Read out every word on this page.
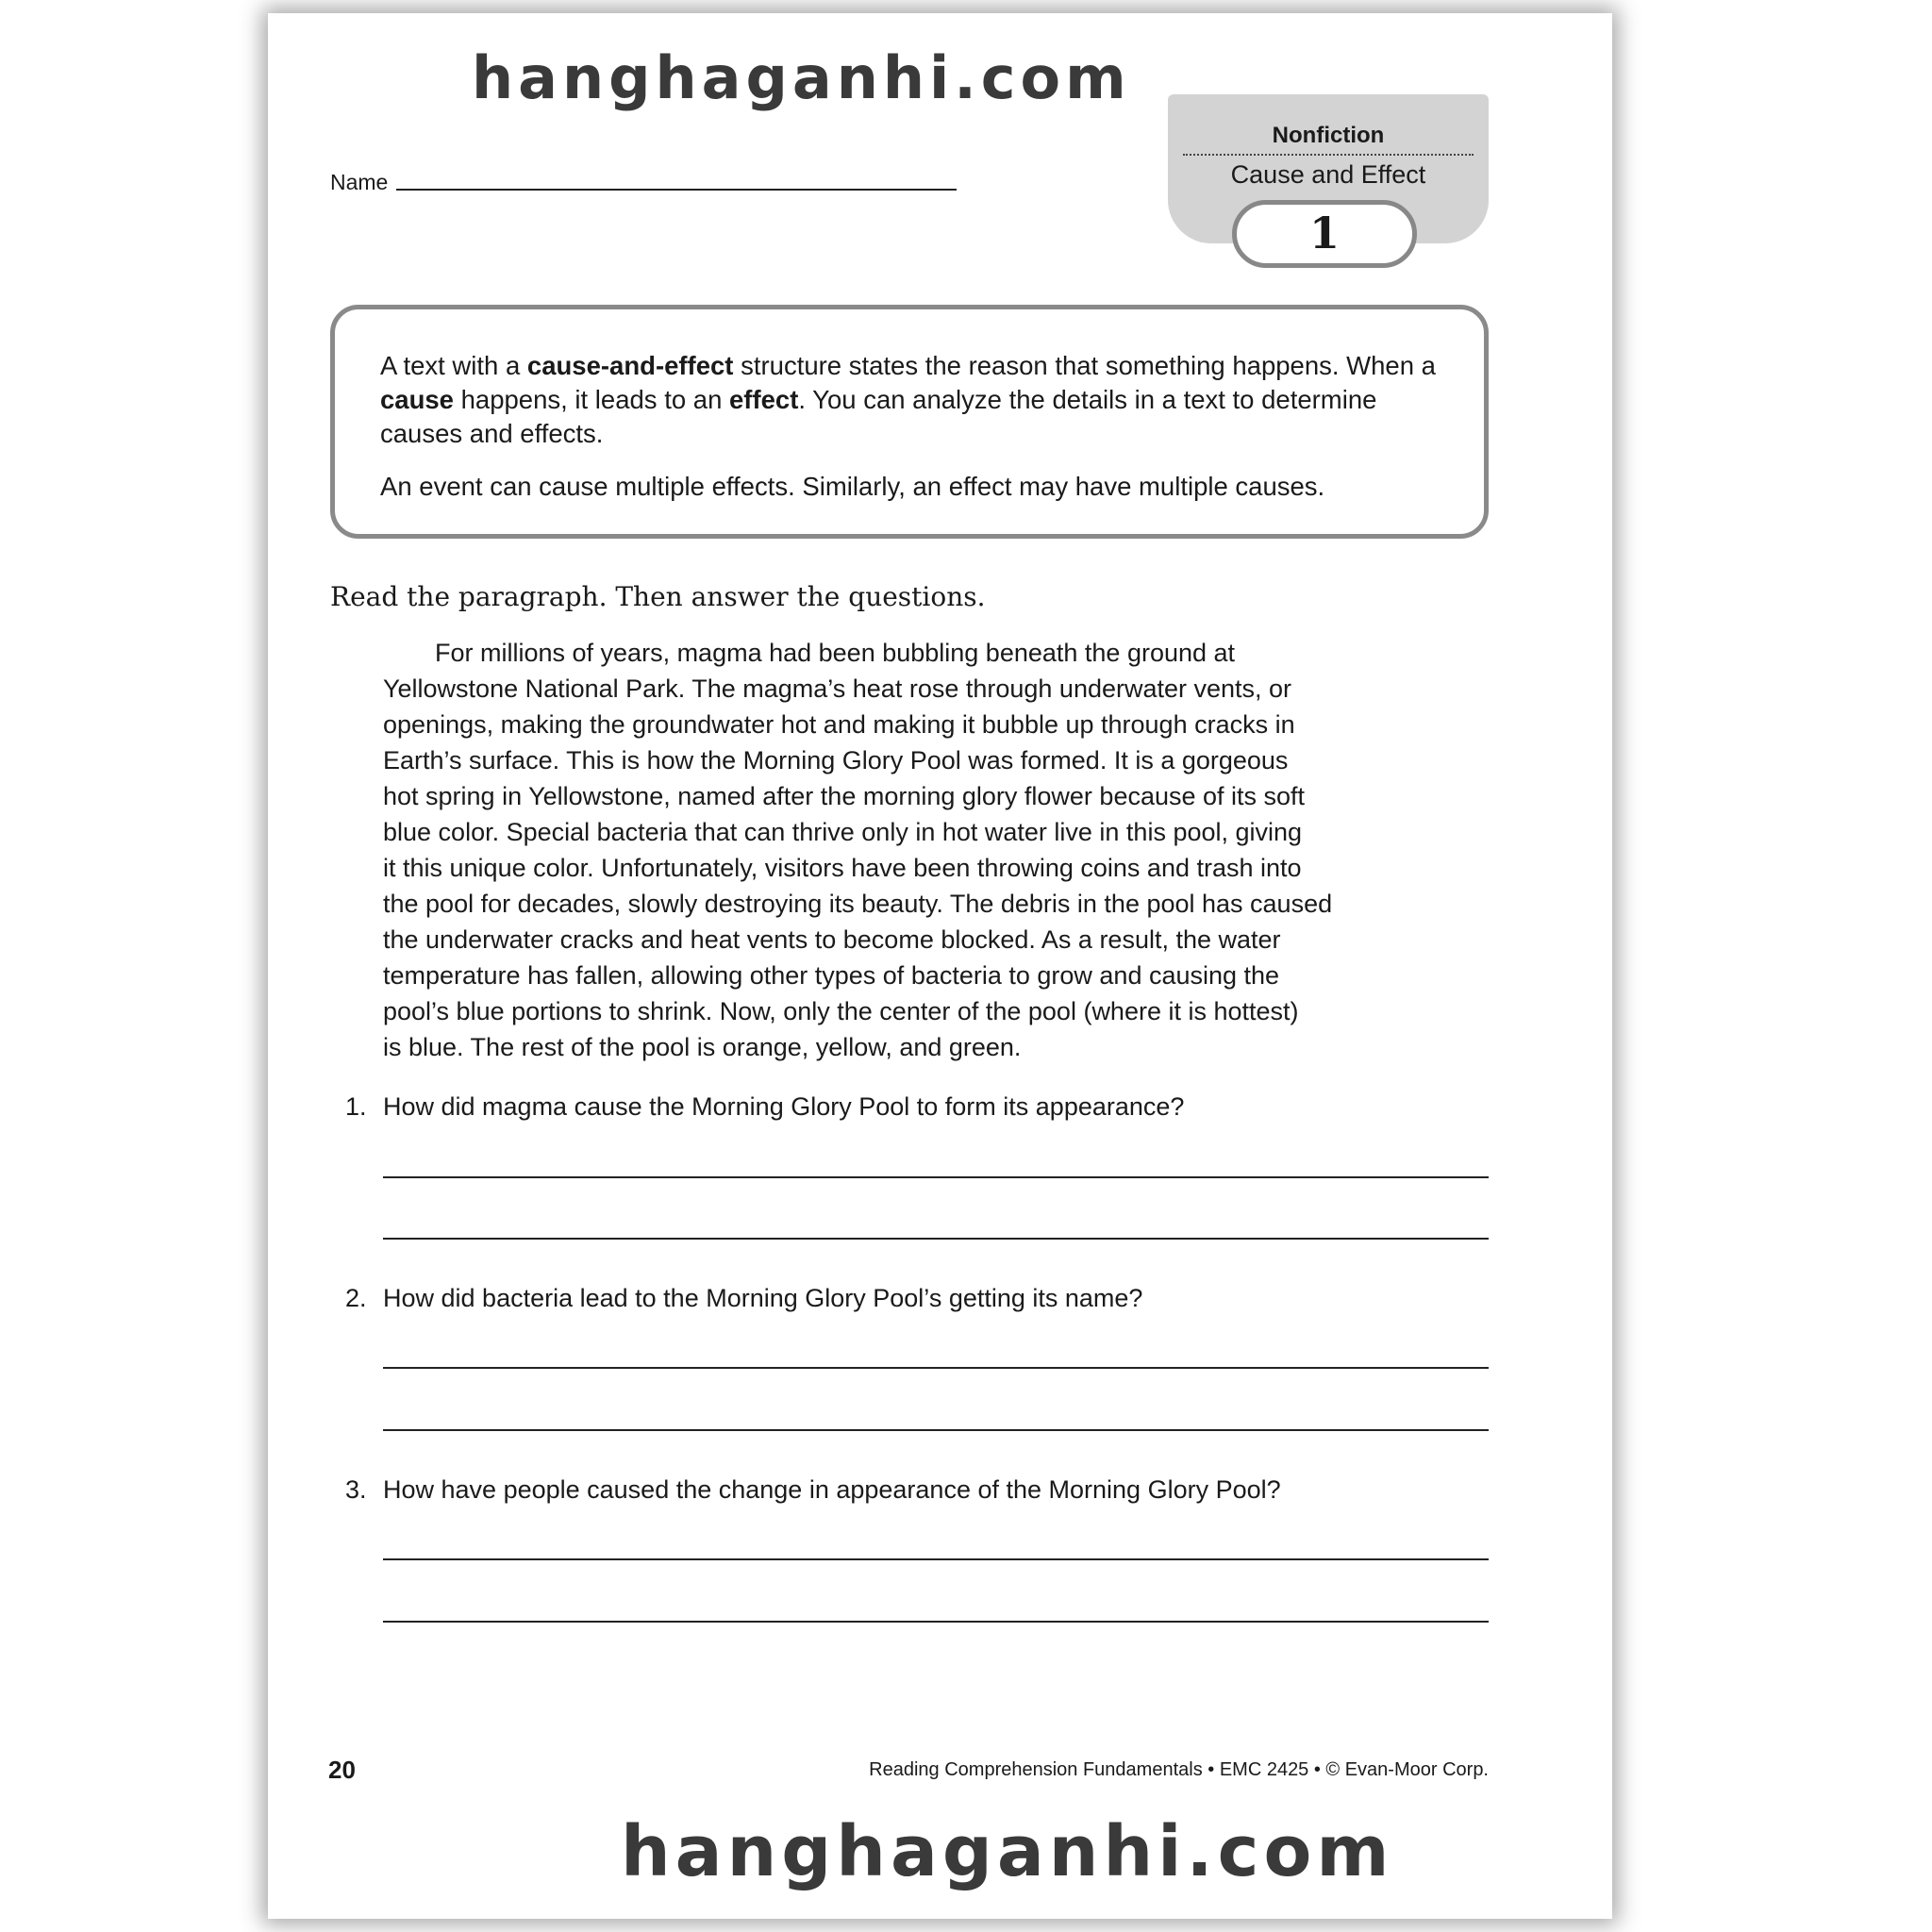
hanghaganhi.com
Name
Nonfiction
Cause and Effect
1

A text with a cause-and-effect structure states the reason that something happens. When a cause happens, it leads to an effect. You can analyze the details in a text to determine causes and effects.

An event can cause multiple effects. Similarly, an effect may have multiple causes.

Read the paragraph. Then answer the questions.
For millions of years, magma had been bubbling beneath the ground at
Yellowstone National Park. The magma’s heat rose through underwater vents, or
openings, making the groundwater hot and making it bubble up through cracks in
Earth’s surface. This is how the Morning Glory Pool was formed. It is a gorgeous
hot spring in Yellowstone, named after the morning glory flower because of its soft
blue color. Special bacteria that can thrive only in hot water live in this pool, giving
it this unique color. Unfortunately, visitors have been throwing coins and trash into
the pool for decades, slowly destroying its beauty. The debris in the pool has caused
the underwater cracks and heat vents to become blocked. As a result, the water
temperature has fallen, allowing other types of bacteria to grow and causing the
pool’s blue portions to shrink. Now, only the center of the pool (where it is hottest)
is blue. The rest of the pool is orange, yellow, and green.
1. How did magma cause the Morning Glory Pool to form its appearance?
2. How did bacteria lead to the Morning Glory Pool’s getting its name?
3. How have people caused the change in appearance of the Morning Glory Pool?
20	Reading Comprehension Fundamentals • EMC 2425 • © Evan-Moor Corp.
hanghaganhi.com
